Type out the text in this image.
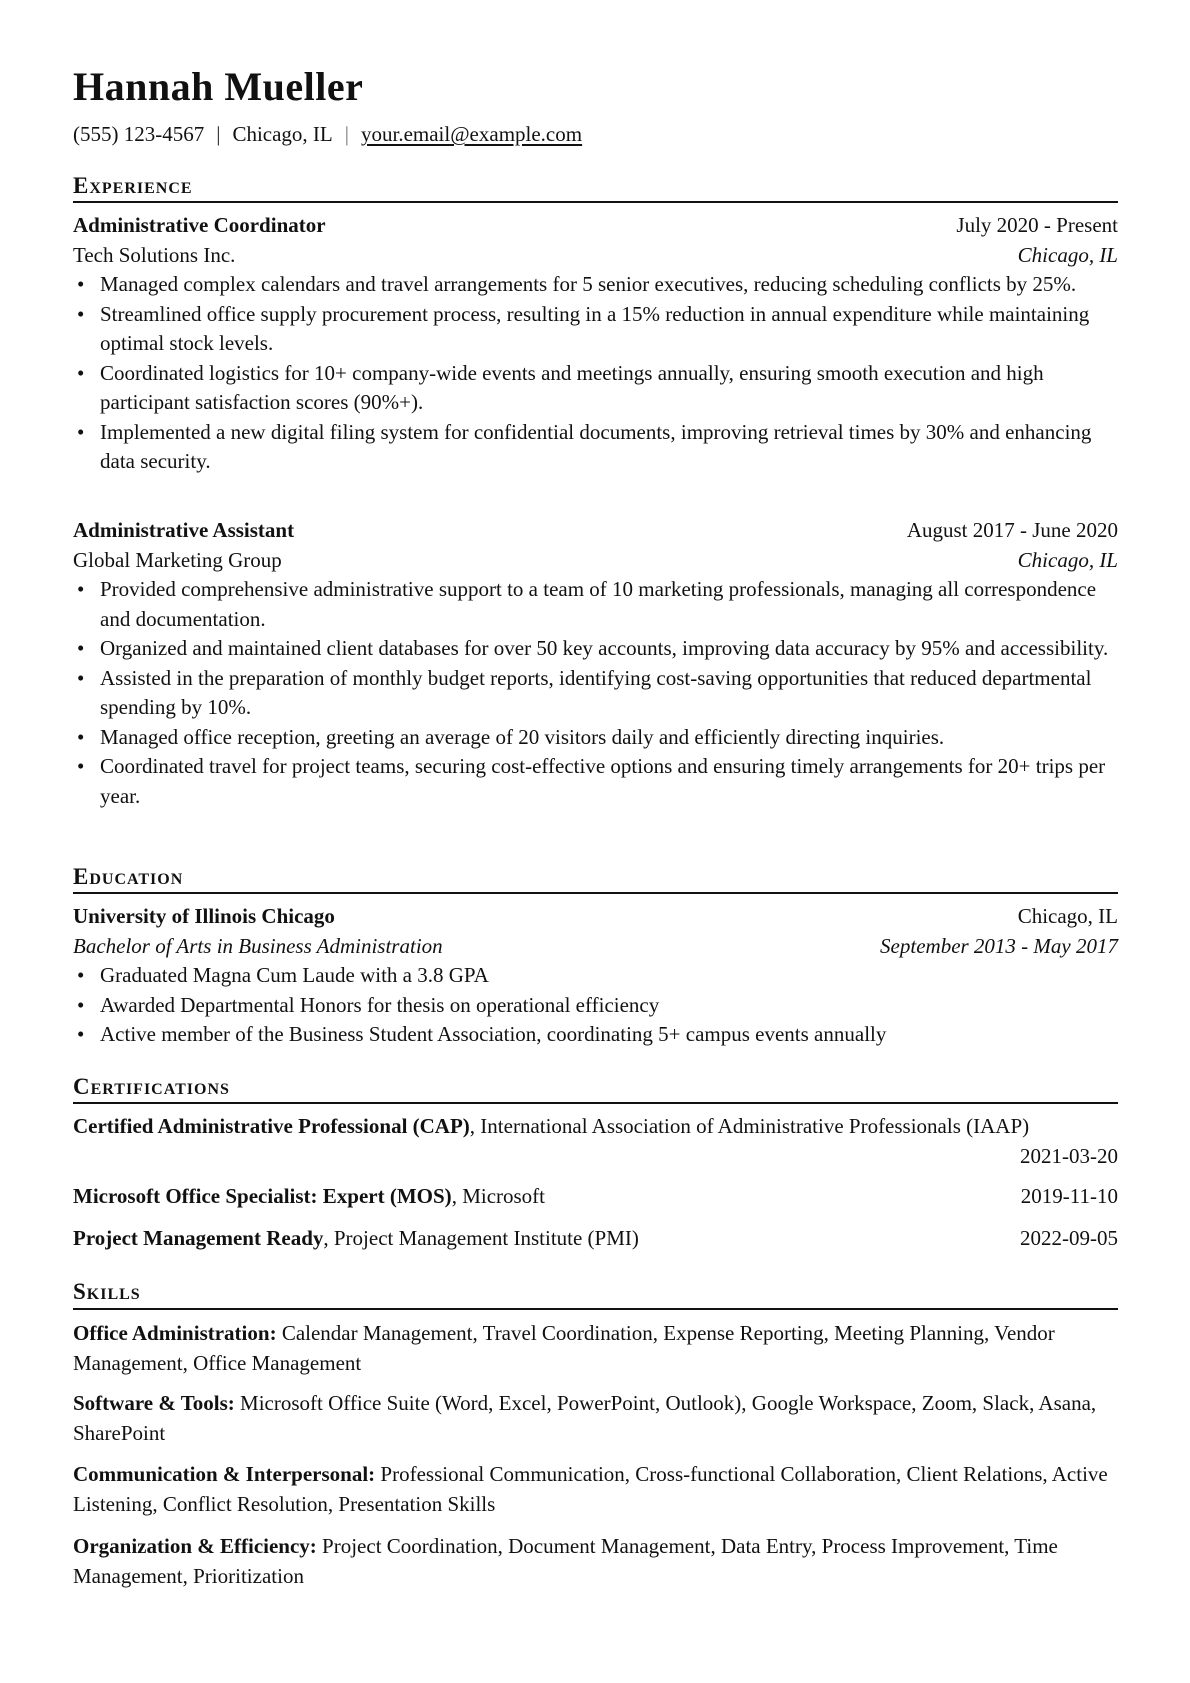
Hannah Mueller
(555) 123-4567 | Chicago, IL | your.email@example.com
Experience
Administrative Coordinator	July 2020 - Present
Tech Solutions Inc.	Chicago, IL
• Managed complex calendars and travel arrangements for 5 senior executives, reducing scheduling conflicts by 25%.
• Streamlined office supply procurement process, resulting in a 15% reduction in annual expenditure while maintaining optimal stock levels.
• Coordinated logistics for 10+ company-wide events and meetings annually, ensuring smooth execution and high participant satisfaction scores (90%+).
• Implemented a new digital filing system for confidential documents, improving retrieval times by 30% and enhancing data security.
Administrative Assistant	August 2017 - June 2020
Global Marketing Group	Chicago, IL
• Provided comprehensive administrative support to a team of 10 marketing professionals, managing all correspondence and documentation.
• Organized and maintained client databases for over 50 key accounts, improving data accuracy by 95% and accessibility.
• Assisted in the preparation of monthly budget reports, identifying cost-saving opportunities that reduced departmental spending by 10%.
• Managed office reception, greeting an average of 20 visitors daily and efficiently directing inquiries.
• Coordinated travel for project teams, securing cost-effective options and ensuring timely arrangements for 20+ trips per year.
Education
University of Illinois Chicago	Chicago, IL
Bachelor of Arts in Business Administration	September 2013 - May 2017
• Graduated Magna Cum Laude with a 3.8 GPA
• Awarded Departmental Honors for thesis on operational efficiency
• Active member of the Business Student Association, coordinating 5+ campus events annually
Certifications
Certified Administrative Professional (CAP), International Association of Administrative Professionals (IAAP)
2021-03-20
Microsoft Office Specialist: Expert (MOS), Microsoft	2019-11-10
Project Management Ready, Project Management Institute (PMI)	2022-09-05
Skills
Office Administration: Calendar Management, Travel Coordination, Expense Reporting, Meeting Planning, Vendor Management, Office Management
Software & Tools: Microsoft Office Suite (Word, Excel, PowerPoint, Outlook), Google Workspace, Zoom, Slack, Asana, SharePoint
Communication & Interpersonal: Professional Communication, Cross-functional Collaboration, Client Relations, Active Listening, Conflict Resolution, Presentation Skills
Organization & Efficiency: Project Coordination, Document Management, Data Entry, Process Improvement, Time Management, Prioritization
